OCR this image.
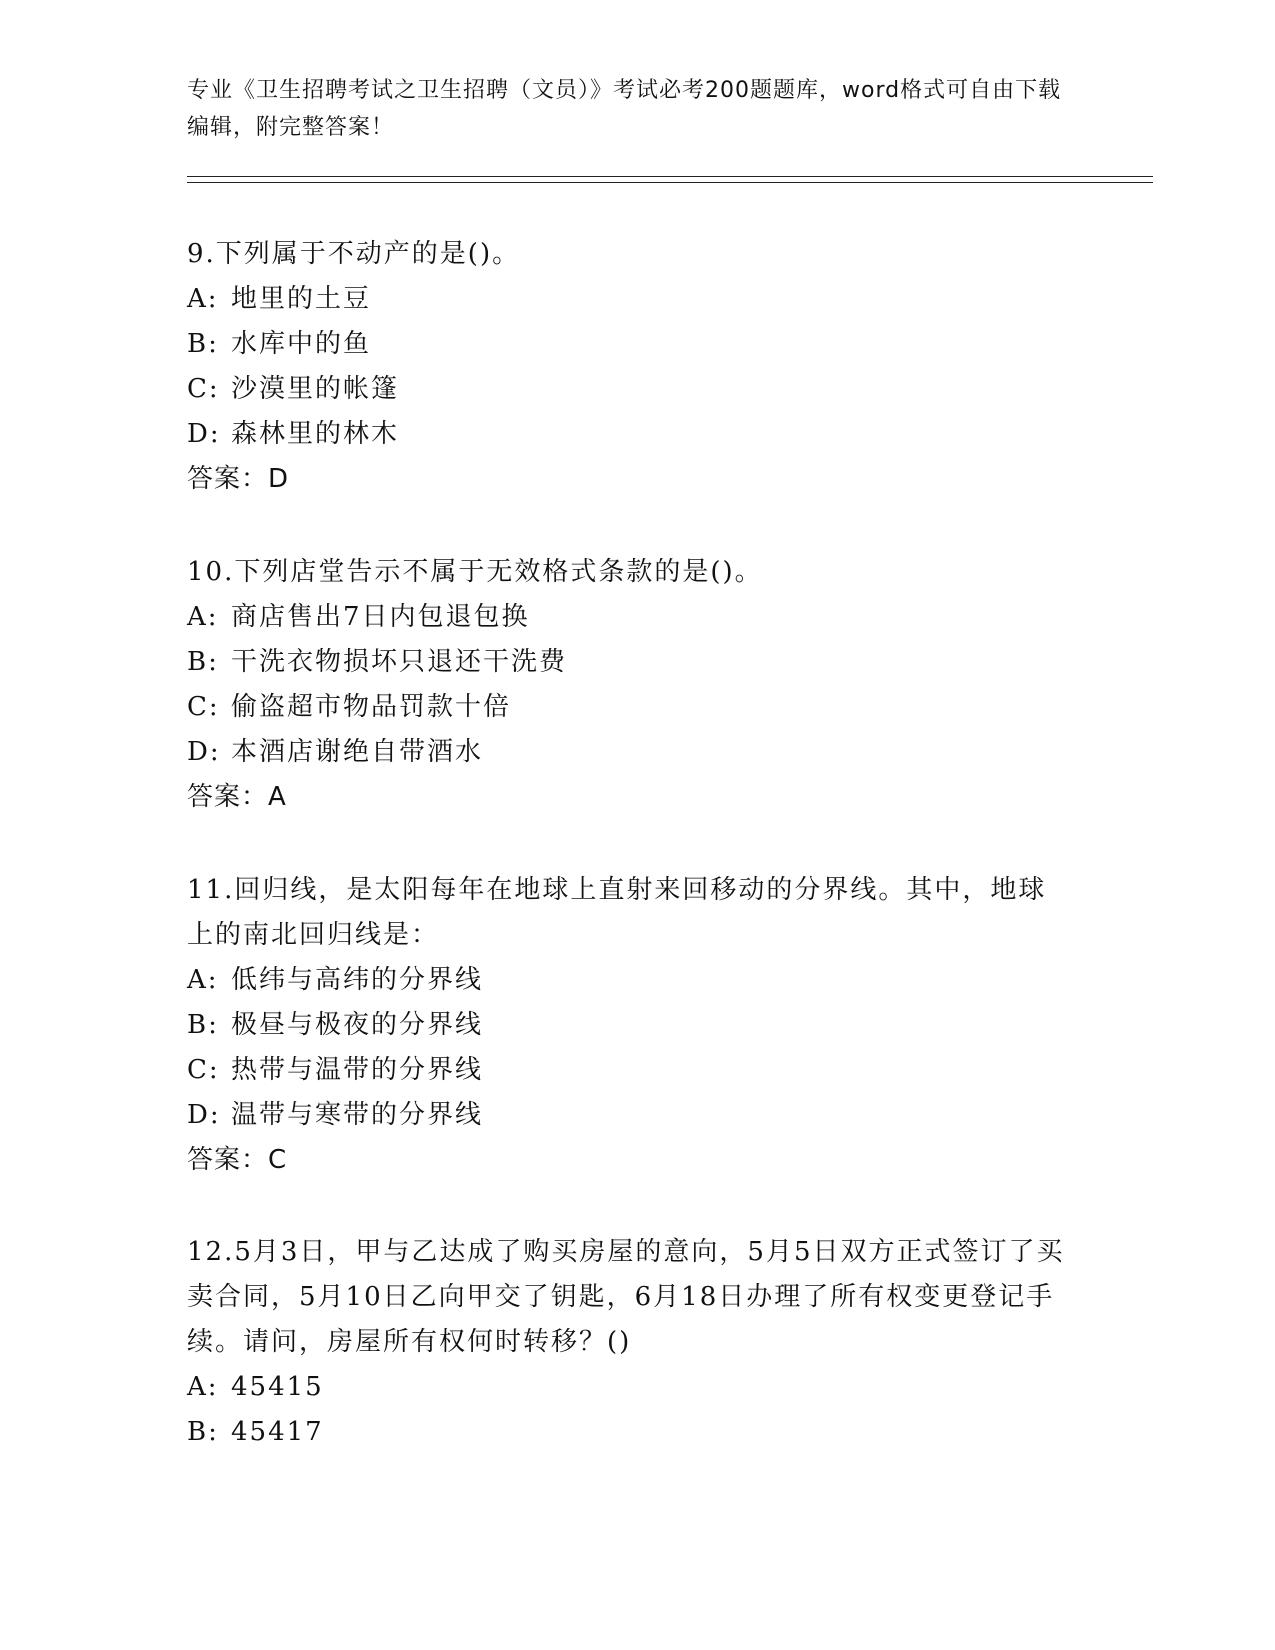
专业《卫生招聘考试之卫生招聘（文员）》考试必考200题题库，word格式可自由下载编辑，附完整答案！
9.下列属于不动产的是()。
A: 地里的土豆
B: 水库中的鱼
C: 沙漠里的帐篷
D: 森林里的林木
答案：D
10.下列店堂告示不属于无效格式条款的是()。
A: 商店售出7日内包退包换
B: 干洗衣物损坏只退还干洗费
C: 偷盗超市物品罚款十倍
D: 本酒店谢绝自带酒水
答案：A
11.回归线，是太阳每年在地球上直射来回移动的分界线。其中，地球上的南北回归线是：
A: 低纬与高纬的分界线
B: 极昼与极夜的分界线
C: 热带与温带的分界线
D: 温带与寒带的分界线
答案：C
12.5月3日，甲与乙达成了购买房屋的意向，5月5日双方正式签订了买卖合同，5月10日乙向甲交了钥匙，6月18日办理了所有权变更登记手续。请问，房屋所有权何时转移？()
A: 45415
B: 45417
